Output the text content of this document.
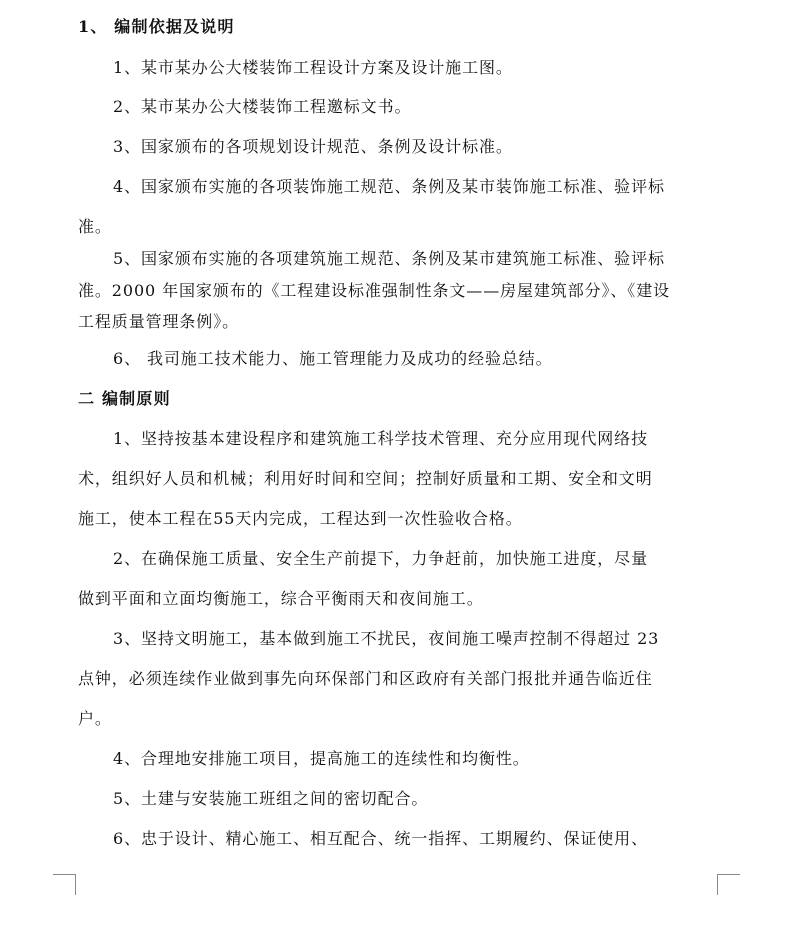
1、 编制依据及说明
1、某市某办公大楼装饰工程设计方案及设计施工图。
2、某市某办公大楼装饰工程邀标文书。
3、国家颁布的各项规划设计规范、条例及设计标准。
4、国家颁布实施的各项装饰施工规范、条例及某市装饰施工标准、验评标
准。
5、国家颁布实施的各项建筑施工规范、条例及某市建筑施工标准、验评标
准。2000 年国家颁布的《工程建设标准强制性条文——房屋建筑部分》、《建设
工程质量管理条例》。
6、 我司施工技术能力、施工管理能力及成功的经验总结。
二 编制原则
1、坚持按基本建设程序和建筑施工科学技术管理、充分应用现代网络技
术，组织好人员和机械；利用好时间和空间；控制好质量和工期、安全和文明
施工，使本工程在55天内完成，工程达到一次性验收合格。
2、在确保施工质量、安全生产前提下，力争赶前，加快施工进度，尽量
做到平面和立面均衡施工，综合平衡雨天和夜间施工。
3、坚持文明施工，基本做到施工不扰民，夜间施工噪声控制不得超过 23
点钟，必须连续作业做到事先向环保部门和区政府有关部门报批并通告临近住
户。
4、合理地安排施工项目，提高施工的连续性和均衡性。
5、土建与安装施工班组之间的密切配合。
6、忠于设计、精心施工、相互配合、统一指挥、工期履约、保证使用、
